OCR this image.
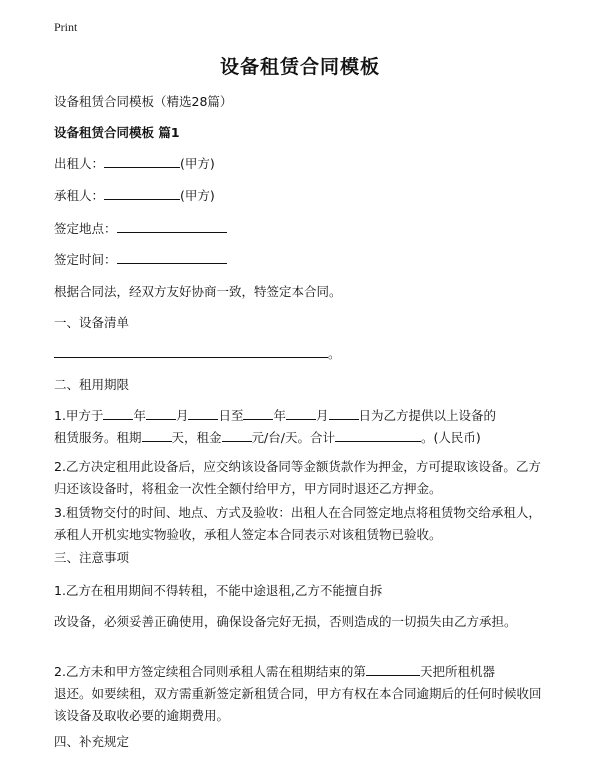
Print
设备租赁合同模板
设备租赁合同模板（精选28篇）
设备租赁合同模板 篇1
出租人：	(甲方)
承租人：	(甲方)
签定地点：
签定时间：
根据合同法，经双方友好协商一致，特签定本合同。
一、设备清单
。
二、租用期限
1.甲方于 年 月 日至 年 月 日为乙方提供以上设备的
租赁服务。租期 天，租金 元/台/天。合计	。(人民币)
2.乙方决定租用此设备后，应交纳该设备同等金额货款作为押金，方可提取该设备。乙方归还该设备时，将租金一次性全额付给甲方，甲方同时退还乙方押金。
3.租赁物交付的时间、地点、方式及验收：出租人在合同签定地点将租赁物交给承租人，承租人开机实地实物验收，承租人签定本合同表示对该租赁物已验收。
三、注意事项
1.乙方在租用期间不得转租，不能中途退租,乙方不能擅自拆
改设备，必须妥善正确使用，确保设备完好无损，否则造成的一切损失由乙方承担。
2.乙方未和甲方签定续租合同则承租人需在租期结束的第	天把所租机器
退还。如要续租，双方需重新签定新租赁合同，甲方有权在本合同逾期后的任何时候收回该设备及取收必要的逾期费用。
四、补充规定
